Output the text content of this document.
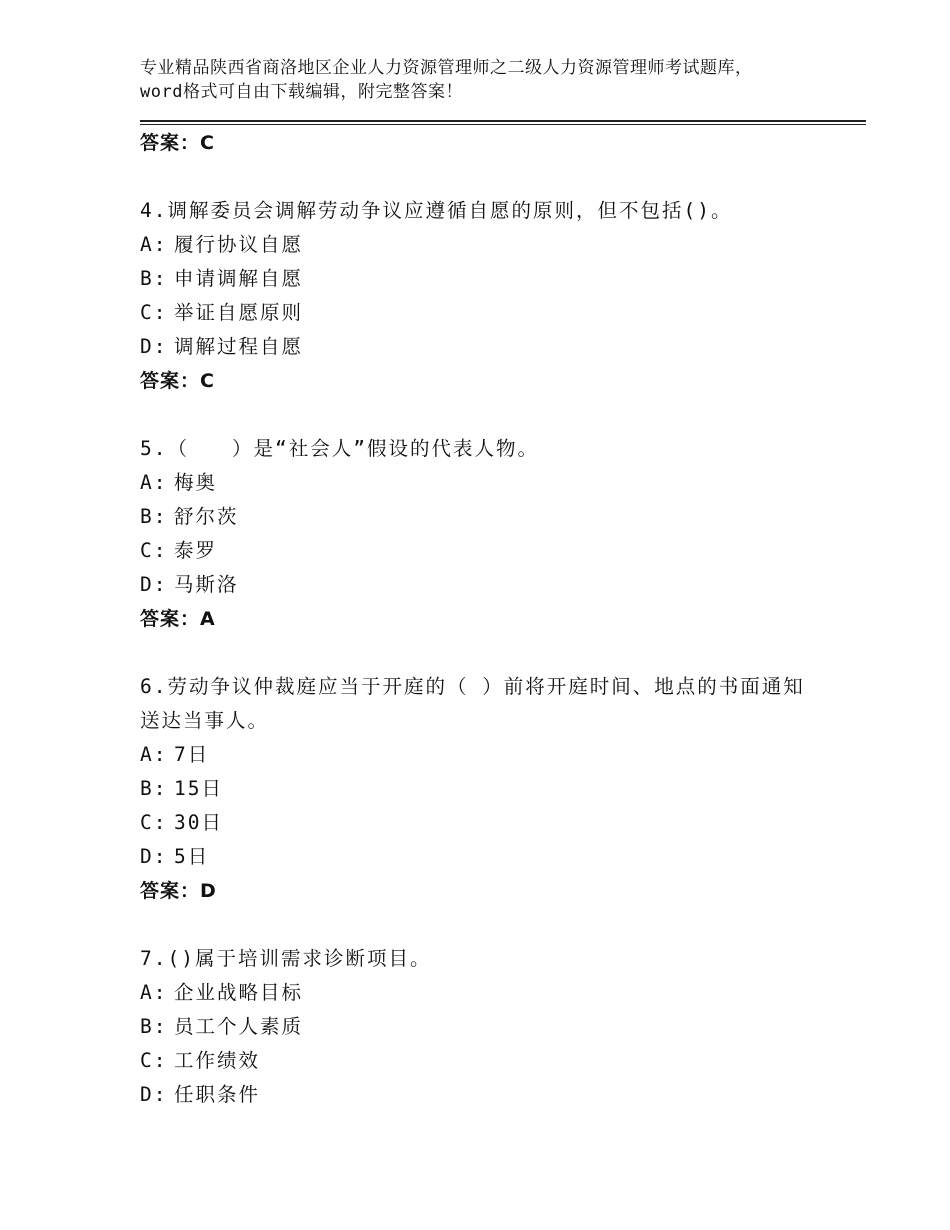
专业精品陕西省商洛地区企业人力资源管理师之二级人力资源管理师考试题库，word格式可自由下载编辑，附完整答案！
答案：C
4.调解委员会调解劳动争议应遵循自愿的原则，但不包括()。
A: 履行协议自愿
B: 申请调解自愿
C: 举证自愿原则
D: 调解过程自愿
答案：C
5.（　　）是“社会人”假设的代表人物。
A: 梅奥
B: 舒尔茨
C: 泰罗
D: 马斯洛
答案：A
6.劳动争议仲裁庭应当于开庭的（ ）前将开庭时间、地点的书面通知送达当事人。
A: 7日
B: 15日
C: 30日
D: 5日
答案：D
7.()属于培训需求诊断项目。
A: 企业战略目标
B: 员工个人素质
C: 工作绩效
D: 任职条件
